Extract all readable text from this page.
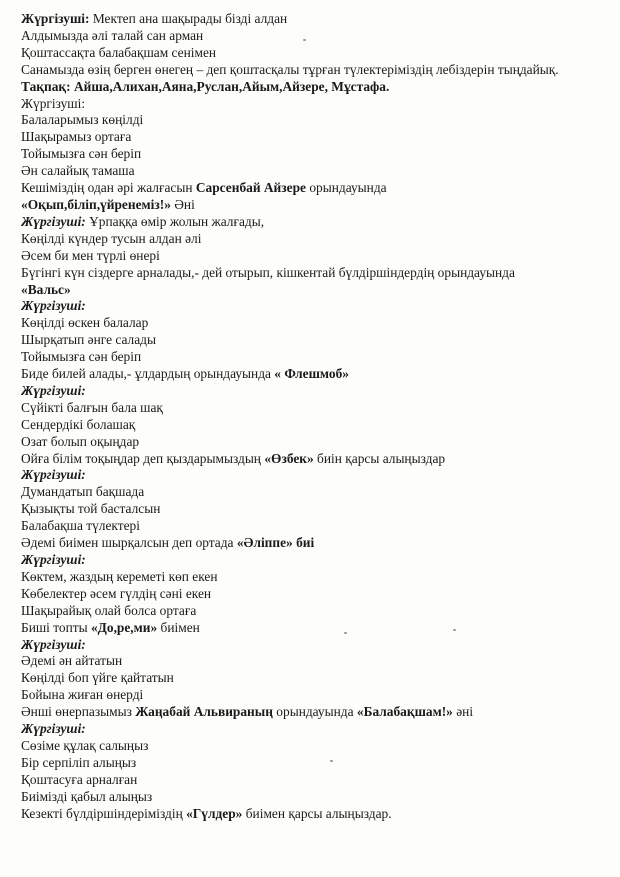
Жүргізуші: Мектеп ана шақырады бізді алдан
Алдымызда әлі талай сан арман
Қоштассақта балабақшам сенімен
Санамызда өзің берген өнегең – деп қоштасқалы тұрған түлектеріміздің лебіздерін тыңдайық.
Тақпақ: Айша,Алихан,Аяна,Руслан,Айым,Айзере, Мұстафа.
Жүргізуші:
Балаларымыз көңілді
Шақырамыз ортаға
Тойымызға сән беріп
Ән салайық тамаша
Кешіміздің одан әрі жалғасын Сарсенбай Айзере орындауында
«Оқып,біліп,үйренеміз!» Әні
Жүргізуші: Ұрпаққа өмір жолын жалғады,
Көңілді күндер тусын алдан әлі
Әсем би мен түрлі өнері
Бүгінгі күн сіздерге арналады,- дей отырып, кішкентай бүлдіршіндердің орындауында
«Вальс»
Жүргізуші:
Көңілді өскен балалар
Шырқатып әнге салады
Тойымызға сән беріп
Биде билей алады,- ұлдардың орындауында « Флешмоб»
Жүргізуші:
Сүйікті балғын бала шақ
Сендердікі болашақ
Озат болып оқыңдар
Ойға білім тоқыңдар деп қыздарымыздың «Өзбек» биін қарсы алыңыздар
Жүргізуші:
Думандатып бақшада
Қызықты той басталсын
Балабақша түлектері
Әдемі биімен шырқалсын деп ортада «Әліппе» биі
Жүргізуші:
Көктем, жаздың кереметі көп екен
Көбелектер әсем гүлдің сәні екен
Шақырайық олай болса ортаға
Биші топты «До,ре,ми» биімен
Жүргізуші:
Әдемі ән айтатын
Көңілді боп үйге қайтатын
Бойына жиған өнерді
Әнші өнерпазымыз Жаңабай Альвираның орындауында «Балабақшам!» әні
Жүргізуші:
Сөзіме құлақ салыңыз
Бір серпіліп алыңыз
Қоштасуға арналған
Биімізді қабыл алыңыз
Кезекті бүлдіршіндеріміздің «Гүлдер» биімен қарсы алыңыздар.
